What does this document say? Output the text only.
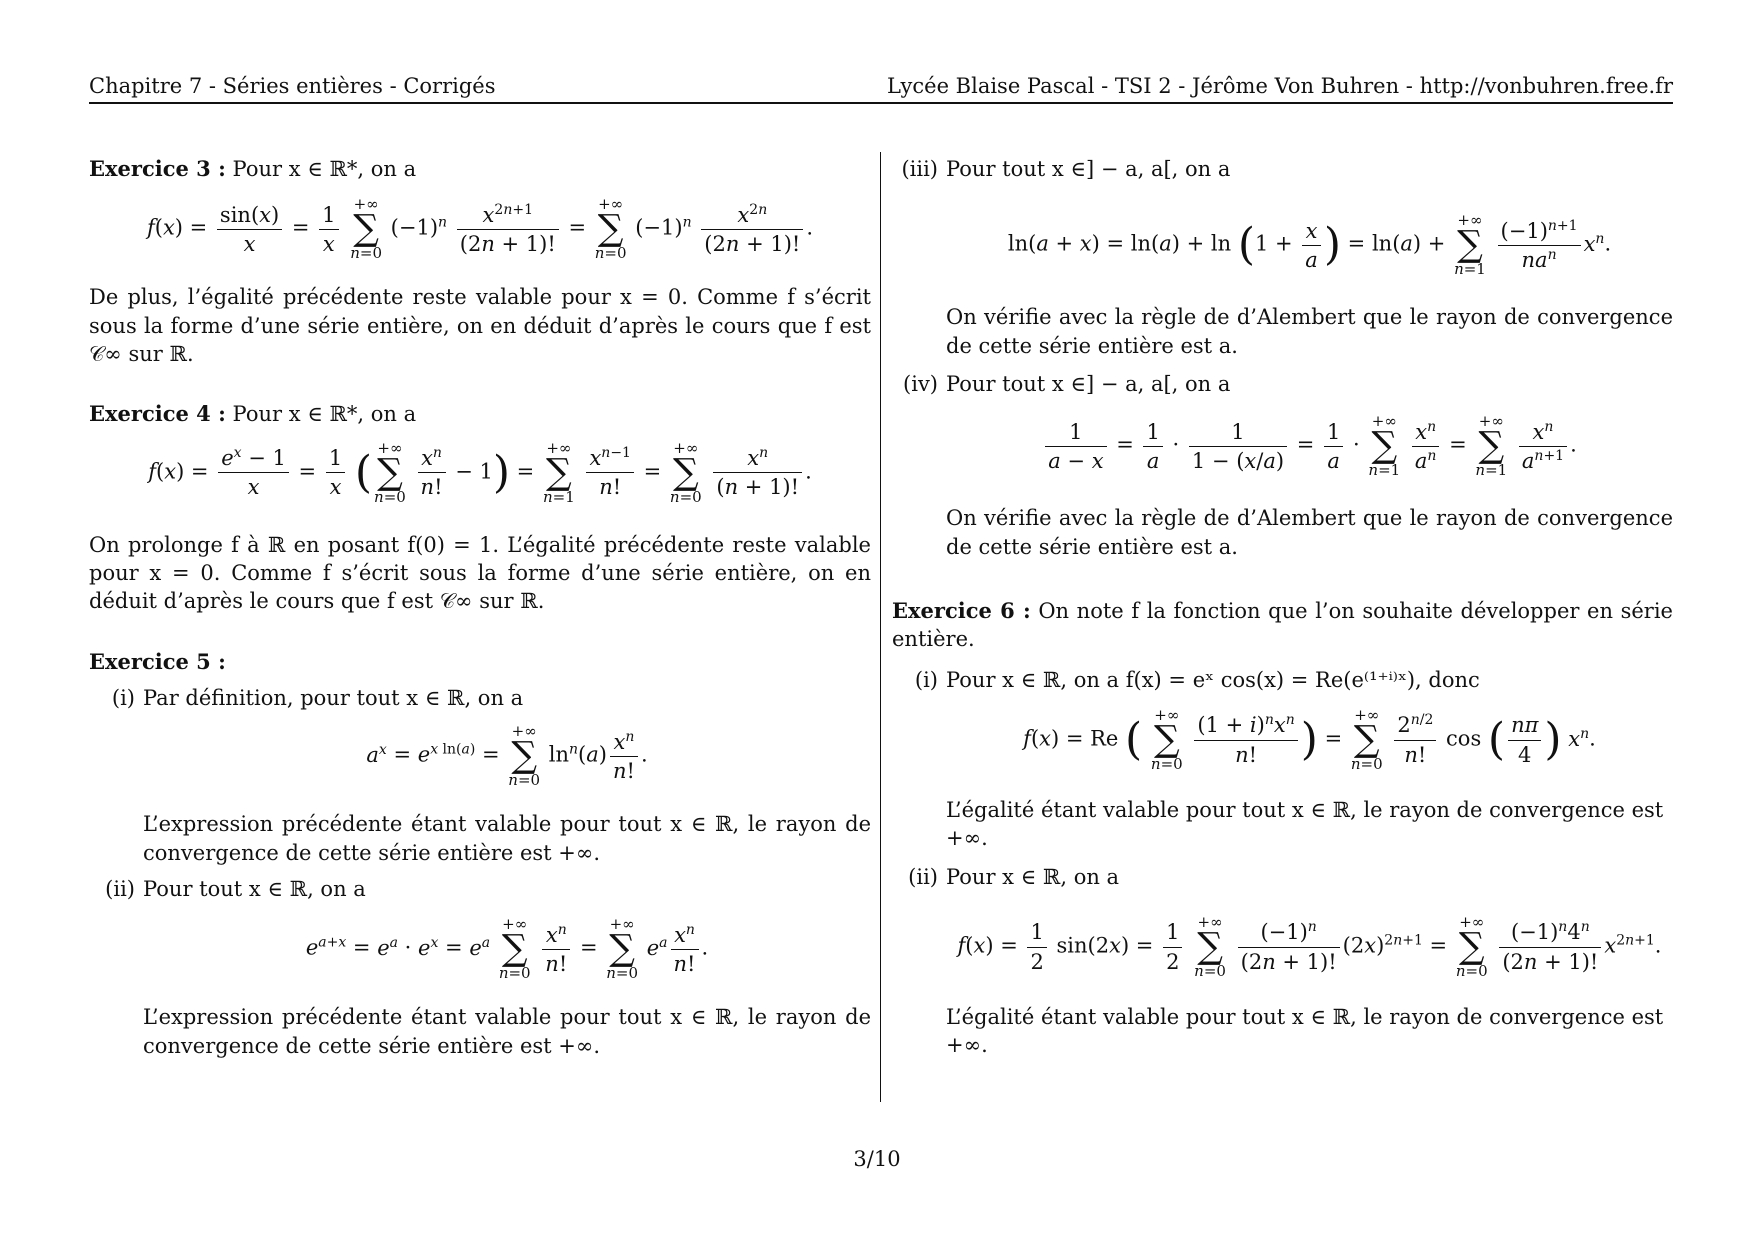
Chapitre 7 - Séries entières - Corrigés	Lycée Blaise Pascal - TSI 2 - Jérôme Von Buhren - http://vonbuhren.free.fr

Exercice 3 : Pour x ∈ ℝ*, on a

$f(x) = \frac{\sin(x)}{x} = \frac{1}{x}$
+∞
∑
n=0
$(-1)^n \frac{x^{2n+1}}{(2n + 1)!}$ =
+∞
∑
n=0
$(-1)^n \frac{x^{2n}}{(2n + 1)!}$ .

De plus, l’égalité précédente reste valable pour x = 0. Comme f s’écrit sous la forme d’une série entière, on en déduit d’après le cours que f est 𝒞∞ sur ℝ.

Exercice 4 : Pour x ∈ ℝ*, on a

$f(x) = \frac{e^x - 1}{x} = \frac{1}{x}$ ( +∞
∑
n=0
$\frac{x^n}{n!} - 1$) =
+∞
∑
n=1
$\frac{x^{n-1}}{n!}$ =
+∞
∑
n=0
$\frac{x^n}{(n + 1)!}$ .

On prolonge f à ℝ en posant f(0) = 1. L’égalité précédente reste valable pour x = 0. Comme f s’écrit sous la forme d’une série entière, on en déduit d’après le cours que f est 𝒞∞ sur ℝ.

Exercice 5 :

(i) Par définition, pour tout x ∈ ℝ, on a
$a^x = e^{x ln(a)}$ =
+∞
∑
n=0
$\ln^n(a) \frac{x^n}{n!}$ .

L’expression précédente étant valable pour tout x ∈ ℝ, le rayon de convergence de cette série entière est +∞.

(ii) Pour tout x ∈ ℝ, on a
$e^{a+x} = e^a \cdot e^x = e^a$
+∞
∑
n=0
$\frac{x^n}{n!}$ =
+∞
∑
n=0
$e^a \frac{x^n}{n!}$ .

L’expression précédente étant valable pour tout x ∈ ℝ, le rayon de convergence de cette série entière est +∞.

(iii) Pour tout x ∈] − a, a[, on a
$\ln(a + x) = \ln(a) + \ln (1 + \frac{x}{a}$ ) = ln(a) +
+∞
∑
n=1
$\frac{(-1)^{n+1}}{na^n} x^n$.

On vérifie avec la règle de d’Alembert que le rayon de convergence de cette série entière est a.

(iv) Pour tout x ∈] − a, a[, on a
$\frac{1}{a - x} = \frac{1}{a} \cdot \frac{1}{1 - (x/a)} = \frac{1}{a}$ ·
+∞
∑
n=1
$\frac{x^n}{a^n}$ =
+∞
∑
n=1
$\frac{x^n}{a^{n+1}}$ .

On vérifie avec la règle de d’Alembert que le rayon de convergence de cette série entière est a.

Exercice 6 : On note f la fonction que l’on souhaite développer en série entière.

(i) Pour x ∈ ℝ, on a f(x) = eˣ cos(x) = Re(e⁽¹⁺ⁱ⁾ˣ), donc
f(x) = Re ( +∞
∑
n=0
$\frac{(1 + i)^nx^n}{n!}$ ) =
+∞
∑
n=0
$\frac{2^{n/2}}{n!}$ cos ( $\frac{n\pi}{4}$ ) $x^n$.

L’égalité étant valable pour tout x ∈ ℝ, le rayon de convergence est +∞.

(ii) Pour x ∈ ℝ, on a
$f(x) = \frac{1}{2} \sin(2x) = \frac{1}{2}$
+∞
∑
n=0
$\frac{(-1)^n}{(2n + 1)!} (2x)^{2n+1}$ =
+∞
∑
n=0
$\frac{(-1)^n4^n}{(2n + 1)!} x^{2n+1}$.

L’égalité étant valable pour tout x ∈ ℝ, le rayon de convergence est +∞.

3/10
